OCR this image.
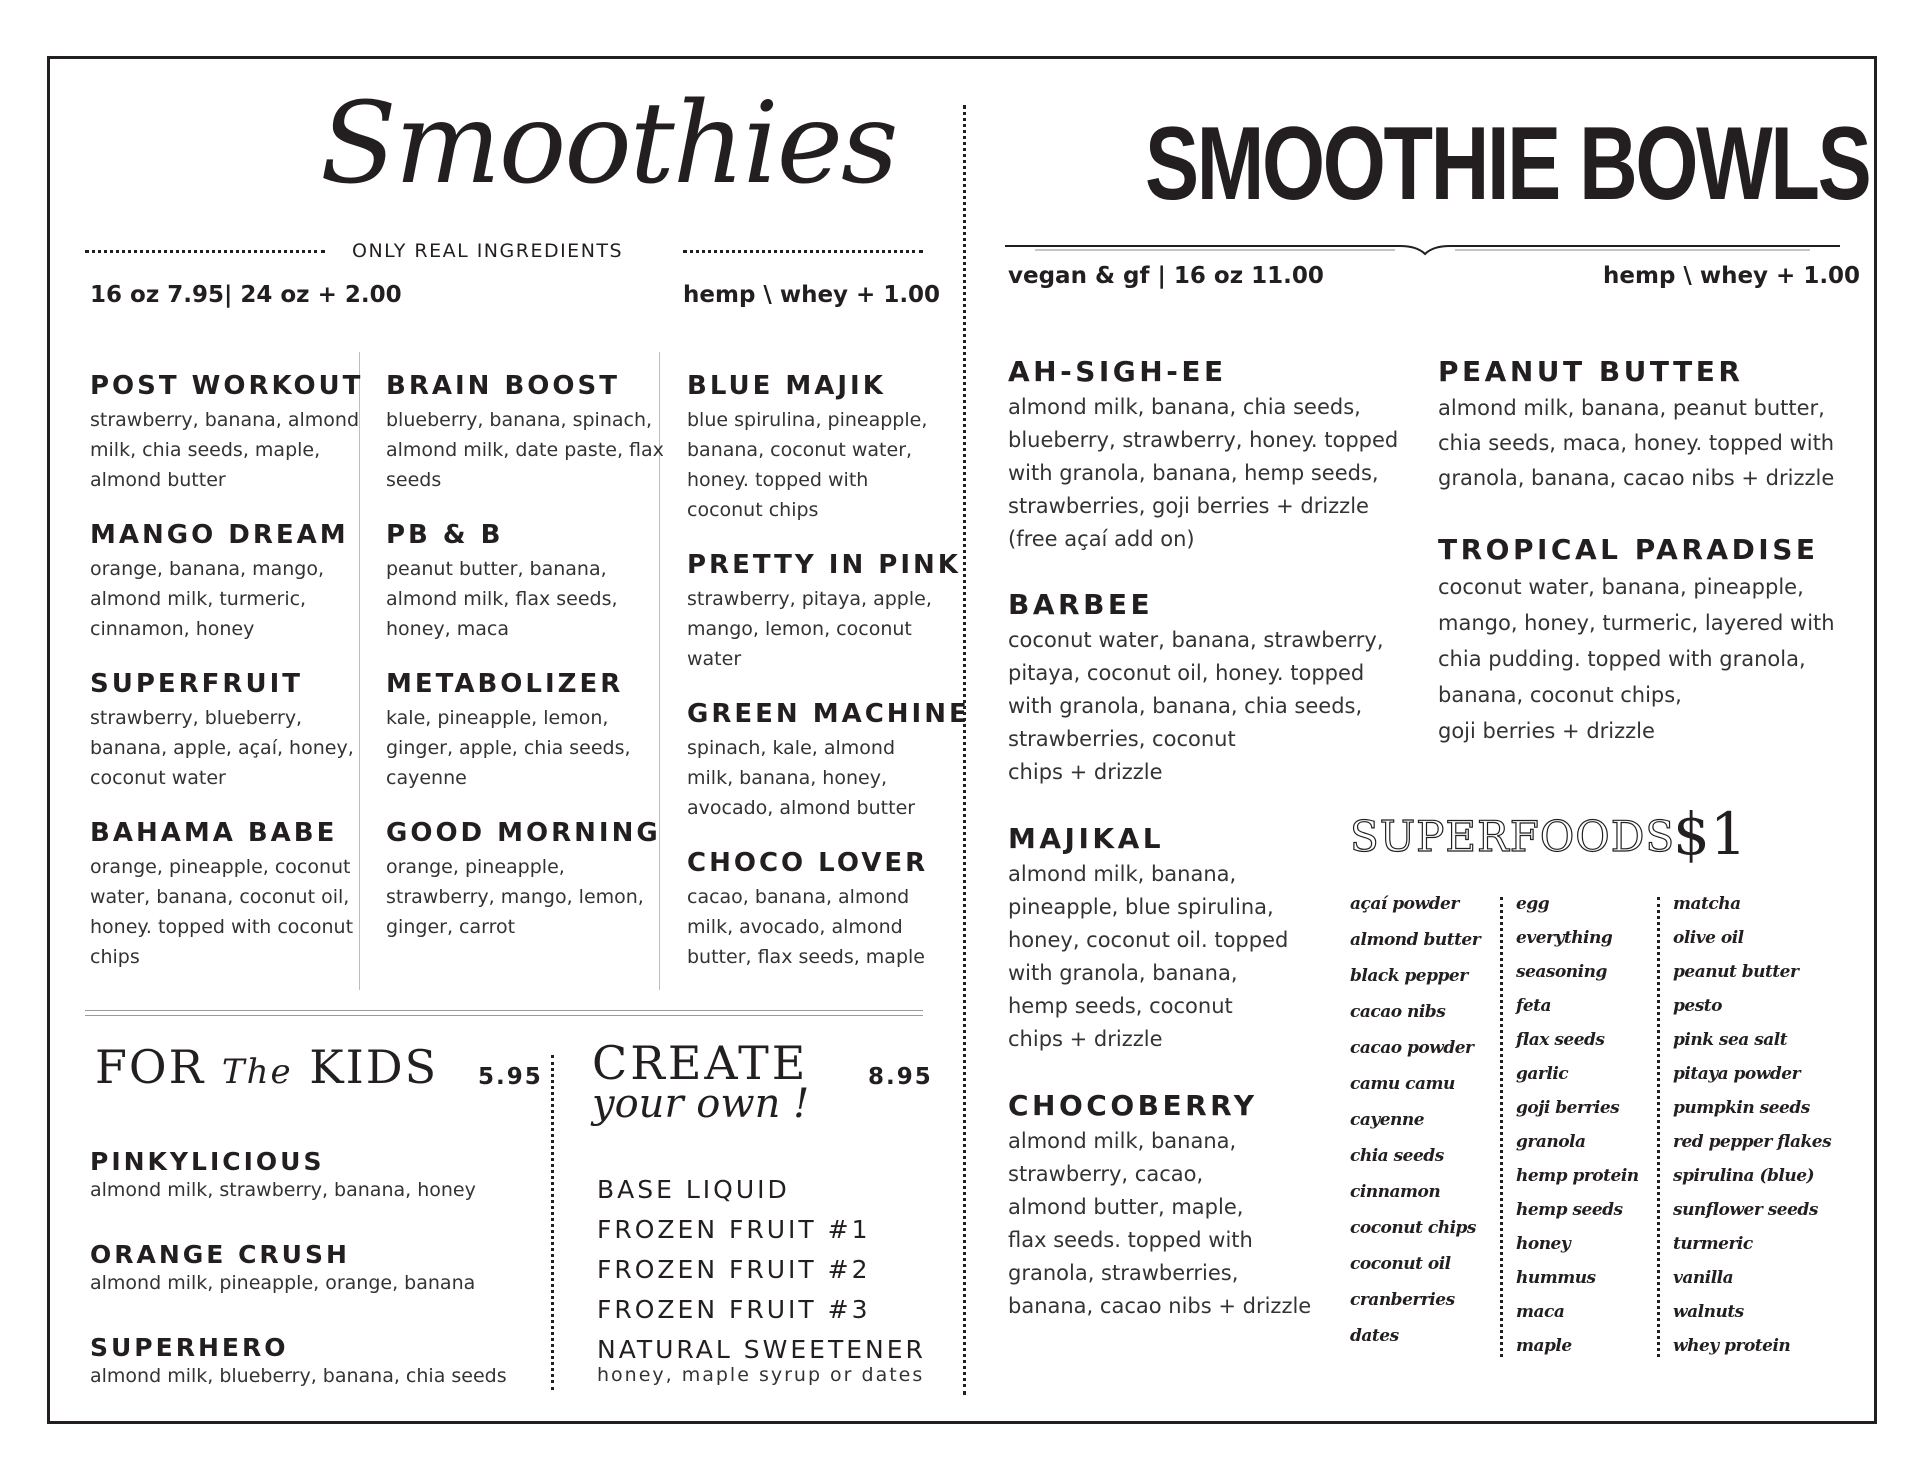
Smoothies
ONLY REAL INGREDIENTS
16 oz 7.95| 24 oz + 2.00	hemp \ whey + 1.00
POST WORKOUT
strawberry, banana, almond milk, chia seeds, maple, almond butter
MANGO DREAM
orange, banana, mango, almond milk, turmeric, cinnamon, honey
SUPERFRUIT
strawberry, blueberry, banana, apple, açaí, honey, coconut water
BAHAMA BABE
orange, pineapple, coconut water, banana, coconut oil, honey. topped with coconut chips
BRAIN BOOST
blueberry, banana, spinach, almond milk, date paste, flax seeds
PB & B
peanut butter, banana, almond milk, flax seeds, honey, maca
METABOLIZER
kale, pineapple, lemon, ginger, apple, chia seeds, cayenne
GOOD MORNING
orange, pineapple, strawberry, mango, lemon, ginger, carrot
BLUE MAJIK
blue spirulina, pineapple, banana, coconut water, honey. topped with coconut chips
PRETTY IN PINK
strawberry, pitaya, apple, mango, lemon, coconut water
GREEN MACHINE
spinach, kale, almond milk, banana, honey, avocado, almond butter
CHOCO LOVER
cacao, banana, almond milk, avocado, almond butter, flax seeds, maple
FOR The KIDS 5.95
PINKYLICIOUS
almond milk, strawberry, banana, honey
ORANGE CRUSH
almond milk, pineapple, orange, banana
SUPERHERO
almond milk, blueberry, banana, chia seeds
CREATE
your own !
8.95
BASE LIQUID
FROZEN FRUIT #1
FROZEN FRUIT #2
FROZEN FRUIT #3
NATURAL SWEETENER
honey, maple syrup or dates
SMOOTHIE BOWLS
vegan & gf | 16 oz 11.00	hemp \ whey + 1.00
AH-SIGH-EE
almond milk, banana, chia seeds,
blueberry, strawberry, honey. topped
with granola, banana, hemp seeds,
strawberries, goji berries + drizzle
(free açaí add on)
BARBEE
coconut water, banana, strawberry,
pitaya, coconut oil, honey. topped
with granola, banana, chia seeds,
strawberries, coconut
chips + drizzle
MAJIKAL
almond milk, banana,
pineapple, blue spirulina,
honey, coconut oil. topped
with granola, banana,
hemp seeds, coconut
chips + drizzle
CHOCOBERRY
almond milk, banana,
strawberry, cacao,
almond butter, maple,
flax seeds. topped with
granola, strawberries,
banana, cacao nibs + drizzle
PEANUT BUTTER
almond milk, banana, peanut butter,
chia seeds, maca, honey. topped with
granola, banana, cacao nibs + drizzle
TROPICAL PARADISE
coconut water, banana, pineapple,
mango, honey, turmeric, layered with
chia pudding. topped with granola,
banana, coconut chips,
goji berries + drizzle
SUPERFOODS
$1
açaí powder
almond butter
black pepper
cacao nibs
cacao powder
camu camu
cayenne
chia seeds
cinnamon
coconut chips
coconut oil
cranberries
dates
egg
everything
seasoning
feta
flax seeds
garlic
goji berries
granola
hemp protein
hemp seeds
honey
hummus
maca
maple
matcha
olive oil
peanut butter
pesto
pink sea salt
pitaya powder
pumpkin seeds
red pepper flakes
spirulina (blue)
sunflower seeds
turmeric
vanilla
walnuts
whey protein
